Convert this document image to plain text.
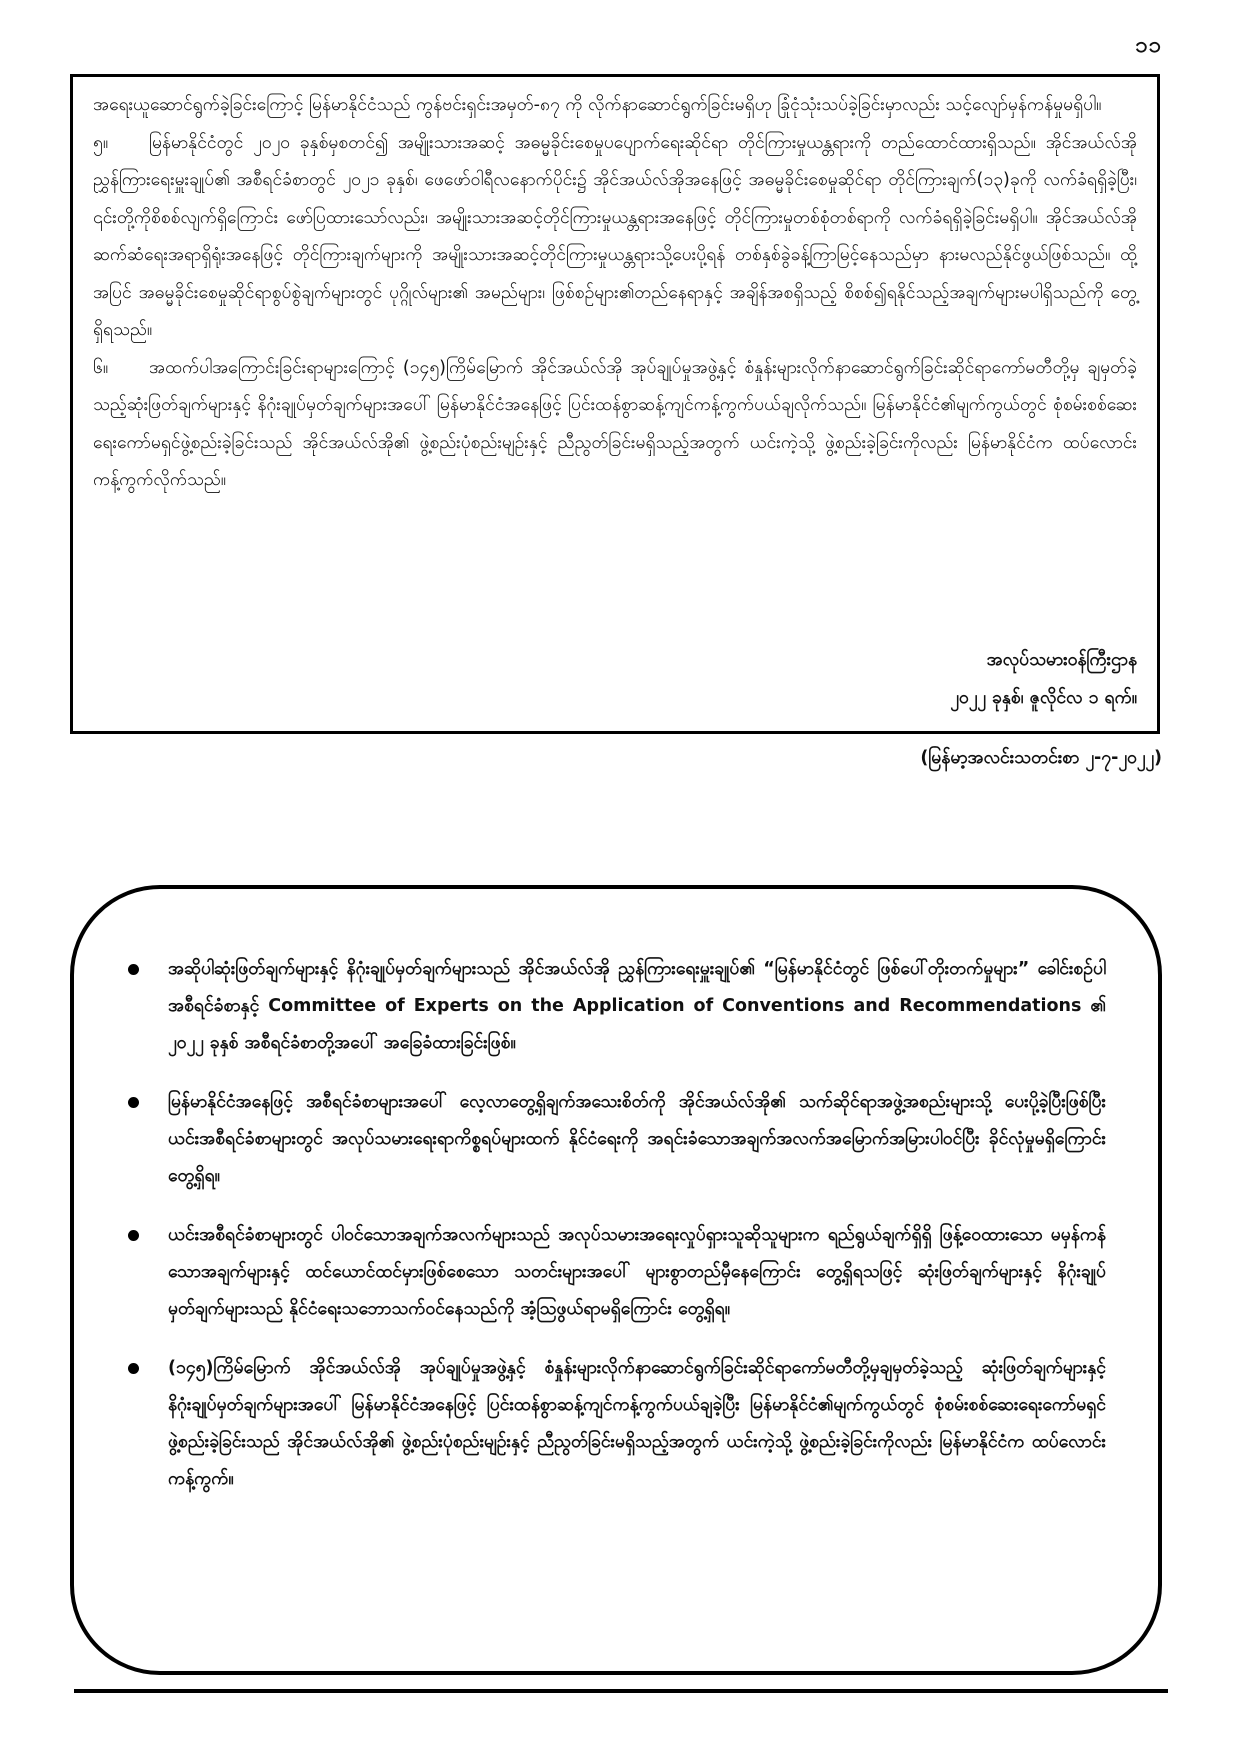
၁၁

အရေးယူဆောင်ရွက်ခဲ့ခြင်းကြောင့် မြန်မာနိုင်ငံသည် ကွန်ဗင်းရှင်းအမှတ်-၈၇ ကို လိုက်နာဆောင်ရွက်ခြင်းမရှိဟု ခြုံငုံသုံးသပ်ခဲ့ခြင်းမှာလည်း သင့်လျော်မှန်ကန်မှုမရှိပါ။

၅။ မြန်မာနိုင်ငံတွင် ၂၀၂၀ ခုနှစ်မှစတင်၍ အမျိုးသားအဆင့် အဓမ္မခိုင်းစေမှုပပျောက်ရေးဆိုင်ရာ တိုင်ကြားမှုယန္တရားကို တည်ထောင်ထားရှိသည်။ အိုင်အယ်လ်အိုညွှန်ကြားရေးမှူးချုပ်၏ အစီရင်ခံစာတွင် ၂၀၂၁ ခုနှစ်၊ ဖေဖော်ဝါရီလနောက်ပိုင်း၌ အိုင်အယ်လ်အိုအနေဖြင့် အဓမ္မခိုင်းစေမှုဆိုင်ရာ တိုင်ကြားချက်(၁၃)ခုကို လက်ခံရရှိခဲ့ပြီး၊ ၎င်းတို့ကိုစိစစ်လျက်ရှိကြောင်း ဖော်ပြထားသော်လည်း၊ အမျိုးသားအဆင့်တိုင်ကြားမှုယန္တရားအနေဖြင့် တိုင်ကြားမှုတစ်စုံတစ်ရာကို လက်ခံရရှိခဲ့ခြင်းမရှိပါ။ အိုင်အယ်လ်အို ဆက်ဆံရေးအရာရှိရုံးအနေဖြင့် တိုင်ကြားချက်များကို အမျိုးသားအဆင့်တိုင်ကြားမှုယန္တရားသို့ပေးပို့ရန် တစ်နှစ်ခွဲခန့်ကြာမြင့်နေသည်မှာ နားမလည်နိုင်ဖွယ်ဖြစ်သည်။ ထို့အပြင် အဓမ္မခိုင်းစေမှုဆိုင်ရာစွပ်စွဲချက်များတွင် ပုဂ္ဂိုလ်များ၏ အမည်များ၊ ဖြစ်စဉ်များ၏တည်နေရာနှင့် အချိန်အစရှိသည့် စိစစ်၍ရနိုင်သည့်အချက်များမပါရှိသည်ကို တွေ့ရှိရသည်။

၆။ အထက်ပါအကြောင်းခြင်းရာများကြောင့် (၁၄၅)ကြိမ်မြောက် အိုင်အယ်လ်အို အုပ်ချုပ်မှုအဖွဲ့နှင့် စံနှုန်းများလိုက်နာဆောင်ရွက်ခြင်းဆိုင်ရာကော်မတီတို့မှ ချမှတ်ခဲ့သည့်ဆုံးဖြတ်ချက်များနှင့် နိဂုံးချုပ်မှတ်ချက်များအပေါ် မြန်မာနိုင်ငံအနေဖြင့် ပြင်းထန်စွာဆန့်ကျင်ကန့်ကွက်ပယ်ချလိုက်သည်။ မြန်မာနိုင်ငံ၏မျက်ကွယ်တွင် စုံစမ်းစစ်ဆေးရေးကော်မရှင်ဖွဲ့စည်းခဲ့ခြင်းသည် အိုင်အယ်လ်အို၏ ဖွဲ့စည်းပုံစည်းမျဉ်းနှင့် ညီညွတ်ခြင်းမရှိသည့်အတွက် ယင်းကဲ့သို့ ဖွဲ့စည်းခဲ့ခြင်းကိုလည်း မြန်မာနိုင်ငံက ထပ်လောင်းကန့်ကွက်လိုက်သည်။

အလုပ်သမားဝန်ကြီးဌာန
၂၀၂၂ ခုနှစ်၊ ဇူလိုင်လ ၁ ရက်။
(မြန်မာ့အလင်းသတင်းစာ ၂-၇-၂၀၂၂)
အဆိုပါဆုံးဖြတ်ချက်များနှင့် နိဂုံးချုပ်မှတ်ချက်များသည် အိုင်အယ်လ်အို ညွှန်ကြားရေးမှူးချုပ်၏ “မြန်မာနိုင်ငံတွင် ဖြစ်ပေါ်တိုးတက်မှုများ” ခေါင်းစဉ်ပါ အစီရင်ခံစာနှင့် Committee of Experts on the Application of Conventions and Recommendations ၏ ၂၀၂၂ ခုနှစ် အစီရင်ခံစာတို့အပေါ် အခြေခံထားခြင်းဖြစ်။
မြန်မာနိုင်ငံအနေဖြင့် အစီရင်ခံစာများအပေါ် လေ့လာတွေ့ရှိချက်အသေးစိတ်ကို အိုင်အယ်လ်အို၏ သက်ဆိုင်ရာအဖွဲ့အစည်းများသို့ ပေးပို့ခဲ့ပြီးဖြစ်ပြီး ယင်းအစီရင်ခံစာများတွင် အလုပ်သမားရေးရာကိစ္စရပ်များထက် နိုင်ငံရေးကို အရင်းခံသောအချက်အလက်အမြောက်အမြားပါဝင်ပြီး ခိုင်လုံမှုမရှိကြောင်း တွေ့ရှိရ။
ယင်းအစီရင်ခံစာများတွင် ပါဝင်သောအချက်အလက်များသည် အလုပ်သမားအရေးလှုပ်ရှားသူဆိုသူများက ရည်ရွယ်ချက်ရှိရှိ ဖြန့်ဝေထားသော မမှန်ကန်သောအချက်များနှင့် ထင်ယောင်ထင်မှားဖြစ်စေသော သတင်းများအပေါ် များစွာတည်မှီနေကြောင်း တွေ့ရှိရသဖြင့် ဆုံးဖြတ်ချက်များနှင့် နိဂုံးချုပ်မှတ်ချက်များသည် နိုင်ငံရေးသဘောသက်ဝင်နေသည်ကို အံ့သြဖွယ်ရာမရှိကြောင်း တွေ့ရှိရ။
(၁၄၅)ကြိမ်မြောက် အိုင်အယ်လ်အို အုပ်ချုပ်မှုအဖွဲ့နှင့် စံနှုန်းများလိုက်နာဆောင်ရွက်ခြင်းဆိုင်ရာကော်မတီတို့မှချမှတ်ခဲ့သည့် ဆုံးဖြတ်ချက်များနှင့် နိဂုံးချုပ်မှတ်ချက်များအပေါ် မြန်မာနိုင်ငံအနေဖြင့် ပြင်းထန်စွာဆန့်ကျင်ကန့်ကွက်ပယ်ချခဲ့ပြီး မြန်မာနိုင်ငံ၏မျက်ကွယ်တွင် စုံစမ်းစစ်ဆေးရေးကော်မရှင်ဖွဲ့စည်းခဲ့ခြင်းသည် အိုင်အယ်လ်အို၏ ဖွဲ့စည်းပုံစည်းမျဉ်းနှင့် ညီညွတ်ခြင်းမရှိသည့်အတွက် ယင်းကဲ့သို့ ဖွဲ့စည်းခဲ့ခြင်းကိုလည်း မြန်မာနိုင်ငံက ထပ်လောင်းကန့်ကွက်။
